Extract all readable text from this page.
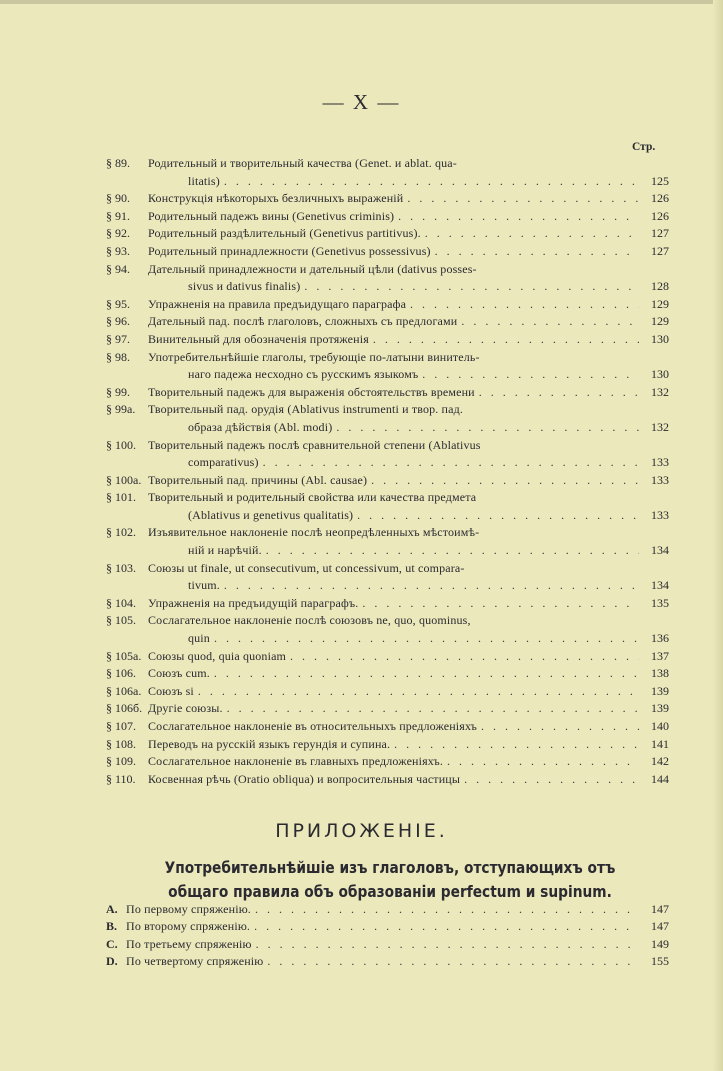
— X —
Стр.
§ 89.	Родительный и творительный качества (Genet. и ablat. qua-
litatis) . . .	125
§ 90.	Конструкція нѣкоторыхъ безличныхъ выраженій . . .	126
§ 91.	Родительный падежъ вины (Genetivus criminis) . . .	126
§ 92.	Родительный раздѣлительный (Genetivus partitivus). . . .	127
§ 93.	Родительный принадлежности (Genetivus possessivus) . . .	127
§ 94.	Дательный принадлежности и дательный цѣли (dativus posses-
sivus и dativus finalis) . . .	128
§ 95.	Упражненія на правила предъидущаго параграфа . . .	129
§ 96.	Дательный пад. послѣ глаголовъ, сложныхъ съ предлогами . . .	129
§ 97.	Винительный для обозначенія протяженія . . .	130
§ 98.	Употребительнѣйшіе глаголы, требующіе по-латыни винитель-
наго падежа несходно съ русскимъ языкомъ . . .	130
§ 99.	Творительный падежъ для выраженія обстоятельствъ времени . . .	132
§ 99a.	Творительный пад. орудія (Ablativus instrumenti и твор. пад.
образа дѣйствія (Abl. modi) . . .	132
§ 100.	Творительный падежъ послѣ сравнительной степени (Ablativus
comparativus) . . .	133
§ 100a. Творительный пад. причины (Abl. causae) . . .	133
§ 101.	Творительный и родительный свойства или качества предмета
(Ablativus и genetivus qualitatis) . . .	133
§ 102.	Изъявительное наклоненіе послѣ неопредѣленныхъ мѣстоимѣ-
ній и нарѣчій. . . .	134
§ 103.	Союзы ut finale, ut consecutivum, ut concessivum, ut compara-
tivum. . . .	134
§ 104.	Упражненія на предъидущій параграфъ. . . .	135
§ 105.	Сослагательное наклоненіе послѣ союзовъ ne, quo, quominus,
quin . . .	136
§ 105a. Союзы quod, quia quoniam . . .	137
§ 106.	Союзъ cum. . . .	138
§ 106a. Союзъ si . . .	139
§ 106б. Другіе союзы. . . .	139
§ 107.	Сослагательное наклоненіе въ относительныхъ предложеніяхъ . . .	140
§ 108.	Переводъ на русскій языкъ герундія и супина. . . .	141
§ 109.	Сослагательное наклоненіе въ главныхъ предложеніяхъ. . . .	142
§ 110.	Косвенная рѣчь (Oratio obliqua) и вопросительныя частицы . . .	144
ПРИЛОЖЕНІЕ.
Употребительнѣйшіе изъ глаголовъ, отступающихъ отъ общаго правила объ образованіи perfectum и supinum.
A. По первому спряженію. . . .	147
B. По второму спряженію. . . .	147
C. По третьему спряженію . . .	149
D. По четвертому спряженію . . .	155
